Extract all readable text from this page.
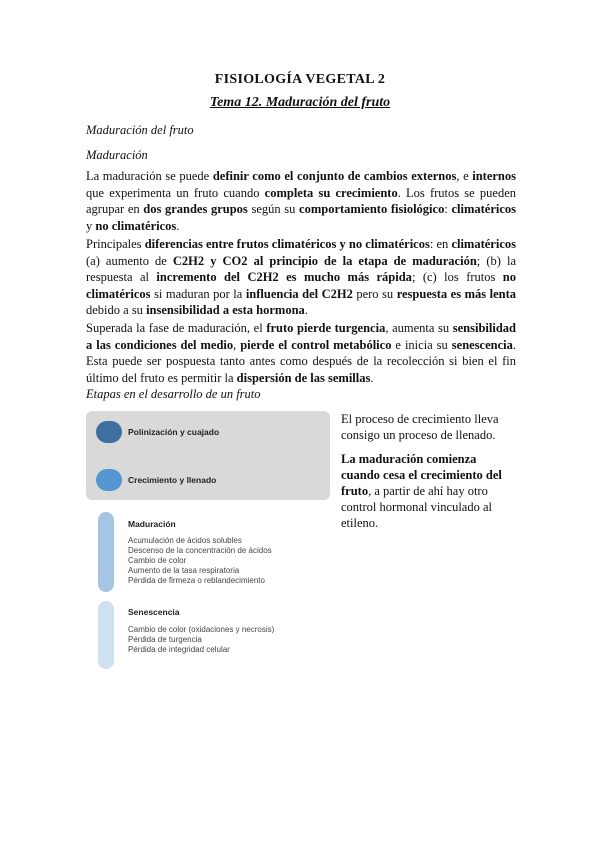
FISIOLOGÍA VEGETAL 2
Tema 12. Maduración del fruto
Maduración del fruto
Maduración
La maduración se puede definir como el conjunto de cambios externos, e internos que experimenta un fruto cuando completa su crecimiento. Los frutos se pueden agrupar en dos grandes grupos según su comportamiento fisiológico: climatéricos y no climatéricos.
Principales diferencias entre frutos climatéricos y no climatéricos: en climatéricos (a) aumento de C2H2 y CO2 al principio de la etapa de maduración; (b) la respuesta al incremento del C2H2 es mucho más rápida; (c) los frutos no climatéricos si maduran por la influencia del C2H2 pero su respuesta es más lenta debido a su insensibilidad a esta hormona.
Superada la fase de maduración, el fruto pierde turgencia, aumenta su sensibilidad a las condiciones del medio, pierde el control metabólico e inicia su senescencia. Esta puede ser pospuesta tanto antes como después de la recolección si bien el fin último del fruto es permitir la dispersión de las semillas.
Etapas en el desarrollo de un fruto
Polinización y cuajado
Crecimiento y llenado
Maduración
Acumulación de ácidos solubles
Descenso de la concentración de ácidos
Cambio de color
Aumento de la tasa respiratoria
Pérdida de firmeza o reblandecimiento
Senescencia
Cambio de color (oxidaciones y necrosis)
Pérdida de turgencia
Pérdida de integridad celular
El proceso de crecimiento lleva consigo un proceso de llenado.
La maduración comienza cuando cesa el crecimiento del fruto, a partir de ahí hay otro control hormonal vinculado al etileno.
